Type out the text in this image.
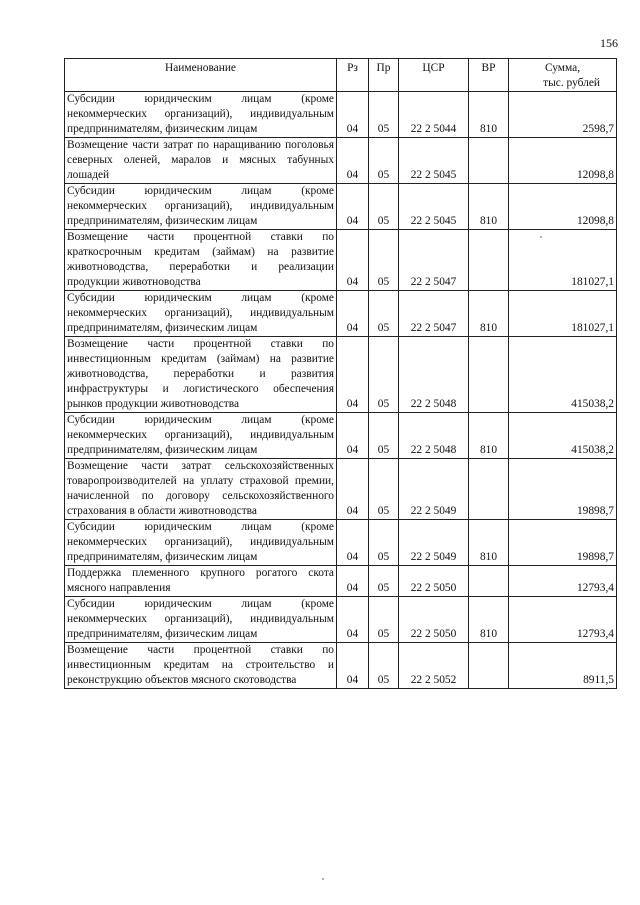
156
Наименование	Рз	Пр	ЦСР	ВР	Сумма,
тыс. рублей

Субсидии юридическим лицам (кроме некоммерческих организаций), индивидуальным предпринимателям, физическим лицам	04	05	22 2 5044	810	2598,7
Возмещение части затрат по наращиванию поголовья северных оленей, маралов и мясных табунных лошадей	04	05	22 2 5045		12098,8
Субсидии юридическим лицам (кроме некоммерческих организаций), индивидуальным предпринимателям, физическим лицам	04	05	22 2 5045	810	12098,8
Возмещение части процентной ставки по краткосрочным кредитам (займам) на развитие животноводства, переработки и реализации продукции животноводства	04	05	22 2 5047		181027,1
Субсидии юридическим лицам (кроме некоммерческих организаций), индивидуальным предпринимателям, физическим лицам	04	05	22 2 5047	810	181027,1
Возмещение части процентной ставки по инвестиционным кредитам (займам) на развитие животноводства, переработки и развития инфраструктуры и логистического обеспечения рынков продукции животноводства	04	05	22 2 5048		415038,2
Субсидии юридическим лицам (кроме некоммерческих организаций), индивидуальным предпринимателям, физическим лицам	04	05	22 2 5048	810	415038,2
Возмещение части затрат сельскохозяйственных товаропроизводителей на уплату страховой премии, начисленной по договору сельскохозяйственного страхования в области животноводства	04	05	22 2 5049		19898,7
Субсидии юридическим лицам (кроме некоммерческих организаций), индивидуальным предпринимателям, физическим лицам	04	05	22 2 5049	810	19898,7
Поддержка племенного крупного рогатого скота мясного направления	04	05	22 2 5050		12793,4
Субсидии юридическим лицам (кроме некоммерческих организаций), индивидуальным предпринимателям, физическим лицам	04	05	22 2 5050	810	12793,4
Возмещение части процентной ставки по инвестиционным кредитам на строительство и реконструкцию объектов мясного скотоводства	04	05	22 2 5052		8911,5
